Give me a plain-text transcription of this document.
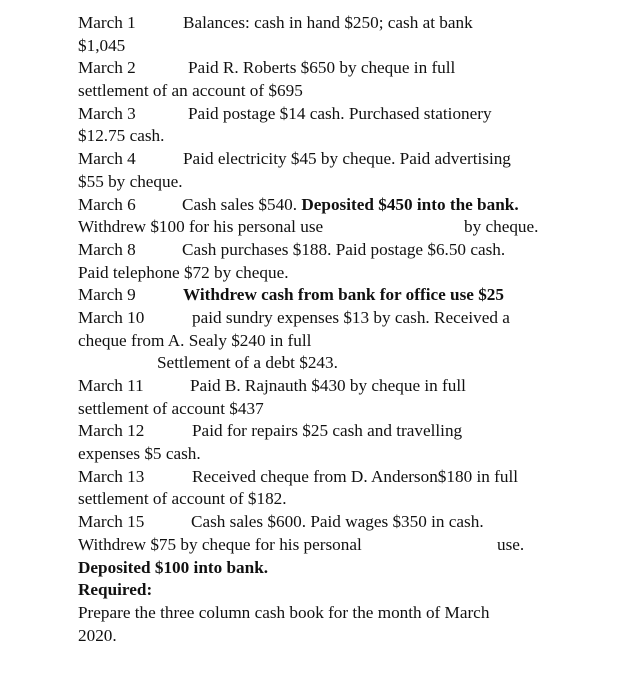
March 1	Balances: cash in hand $250; cash at bank
$1,045
March 2	Paid R. Roberts $650 by cheque in full
settlement of an account of $695
March 3	Paid postage $14 cash. Purchased stationery
$12.75 cash.
March 4	Paid electricity $45 by cheque. Paid advertising
$55 by cheque.
March 6	Cash sales $540. Deposited $450 into the bank.
Withdrew $100 for his personal use	by cheque.
March 8	Cash purchases $188. Paid postage $6.50 cash.
Paid telephone $72 by cheque.
March 9	Withdrew cash from bank for office use $25
March 10	paid sundry expenses $13 by cash. Received a
cheque from A. Sealy $240 in full
Settlement of a debt $243.
March 11	Paid B. Rajnauth $430 by cheque in full
settlement of account $437
March 12	Paid for repairs $25 cash and travelling
expenses $5 cash.
March 13	Received cheque from D. Anderson$180 in full
settlement of account of $182.
March 15	Cash sales $600. Paid wages $350 in cash.
Withdrew $75 by cheque for his personal	use.
Deposited $100 into bank.
Required:
Prepare the three column cash book for the month of March
2020.
